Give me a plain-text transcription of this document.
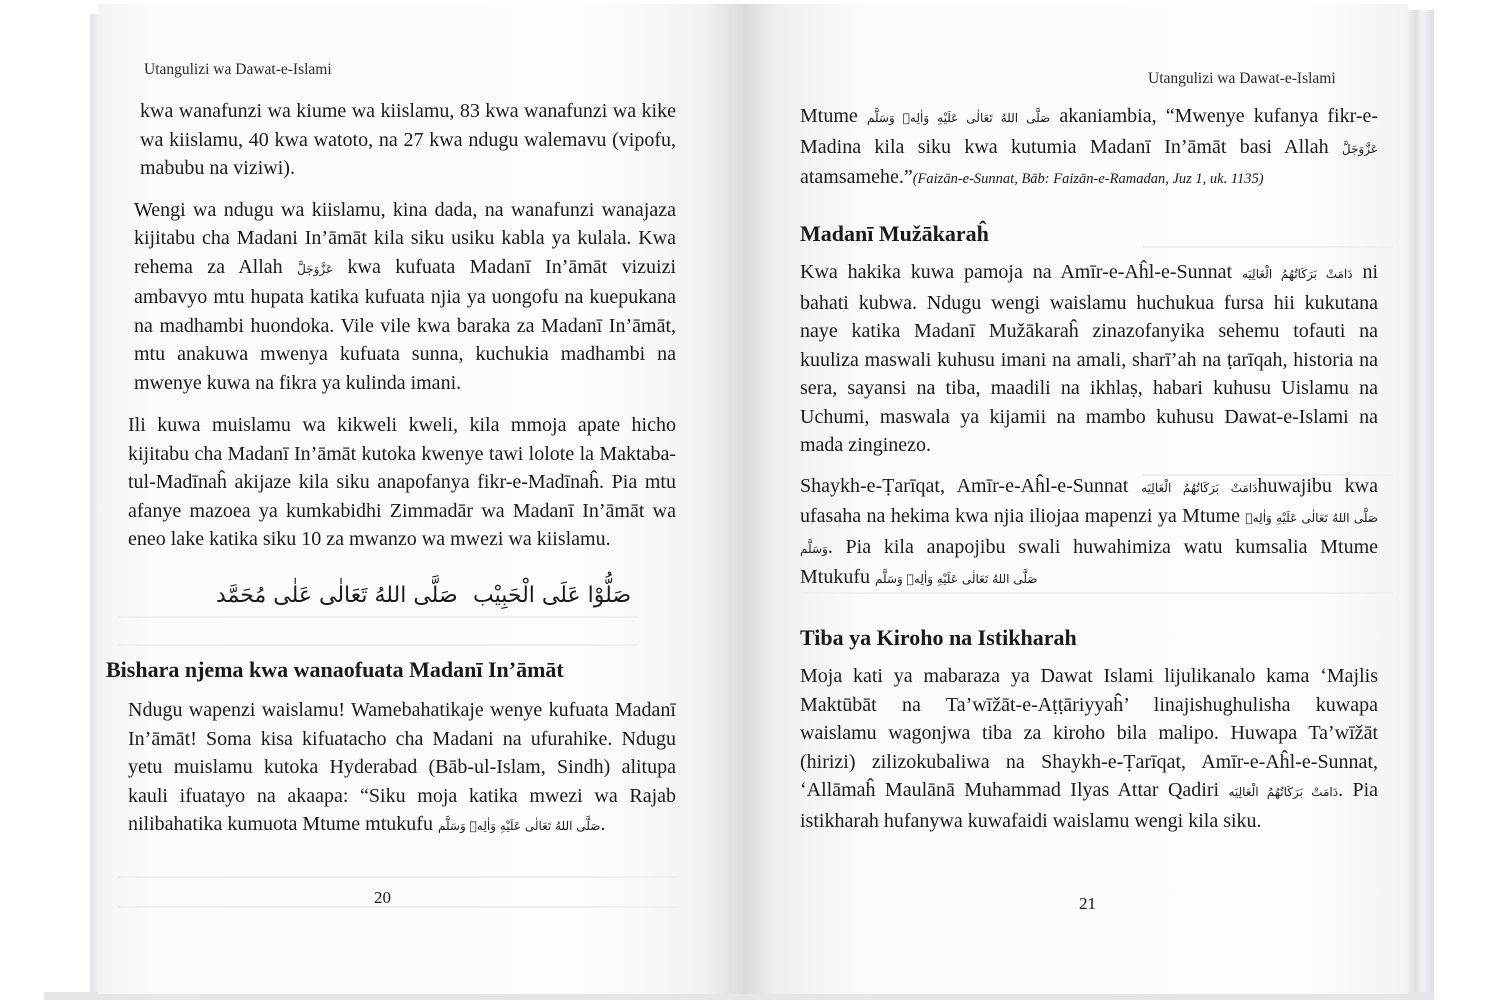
Utangulizi wa Dawat-e-Islami

kwa wanafunzi wa kiume wa kiislamu, 83 kwa wanafunzi wa kike wa kiislamu, 40 kwa watoto, na 27 kwa ndugu walemavu (vipofu, mabubu na viziwi).

Wengi wa ndugu wa kiislamu, kina dada, na wanafunzi wanajaza kijitabu cha Madani In’āmāt kila siku usiku kabla ya kulala. Kwa rehema za Allah عَزَّوَجَلَّ kwa kufuata Madanī In’āmāt vizuizi ambavyo mtu hupata katika kufuata njia ya uongofu na kuepukana na madhambi huondoka. Vile vile kwa baraka za Madanī In’āmāt, mtu anakuwa mwenya kufuata sunna, kuchukia madhambi na mwenye kuwa na fikra ya kulinda imani.

Ili kuwa muislamu wa kikweli kweli, kila mmoja apate hicho kijitabu cha Madanī In’āmāt kutoka kwenye tawi lolote la Maktaba-tul-Madīnaĥ akijaze kila siku anapofanya fikr-e-Madīnaĥ. Pia mtu afanye mazoea ya kumkabidhi Zimmadār wa Madanī In’āmāt wa eneo lake katika siku 10 za mwanzo wa mwezi wa kiislamu.

صَلُّوْا عَلَى الْحَبِيْب
صَلَّى اللهُ تَعَالٰى عَلٰى مُحَمَّد
Bishara njema kwa wanaofuata Madanī In’āmāt

Ndugu wapenzi waislamu! Wamebahatikaje wenye kufuata Madanī In’āmāt! Soma kisa kifuatacho cha Madani na ufurahike. Ndugu yetu muislamu kutoka Hyderabad (Bāb-ul-Islam, Sindh) alitupa kauli ifuatayo na akaapa: “Siku moja katika mwezi wa Rajab nilibahatika kumuota Mtume mtukufu صَلَّى اللهُ تَعَالٰى عَلَيْهِ وَاٰلِهٖ وَسَلَّم.

20
Utangulizi wa Dawat-e-Islami

Mtume صَلَّى اللهُ تَعَالٰى عَلَيْهِ وَاٰلِهٖ وَسَلَّم akaniambia, “Mwenye kufanya fikr-e-Madina kila siku kwa kutumia Madanī In’āmāt basi Allah عَزَّوَجَلَّ atamsamehe.”(Faizān-e-Sunnat, Bāb: Faizān-e-Ramadan, Juz 1, uk. 1135)

Madanī Mužākaraĥ

Kwa hakika kuwa pamoja na Amīr-e-Aĥl-e-Sunnat دَامَتْ بَرَكَاتُهُمُ الْعَالِيَه ni bahati kubwa. Ndugu wengi waislamu huchukua fursa hii kukutana naye katika Madanī Mužākaraĥ zinazofanyika sehemu tofauti na kuuliza maswali kuhusu imani na amali, sharī’ah na ṭarīqah, historia na sera, sayansi na tiba, maadili na ikhlaṣ, habari kuhusu Uislamu na Uchumi, maswala ya kijamii na mambo kuhusu Dawat-e-Islami na mada zinginezo.

Shaykh-e-Ṭarīqat, Amīr-e-Aĥl-e-Sunnat دَامَتْ بَرَكَاتُهُمُ الْعَالِيَهhuwajibu kwa ufasaha na hekima kwa njia iliojaa mapenzi ya Mtume صَلَّى اللهُ تَعَالٰى عَلَيْهِ وَاٰلِهٖ وَسَلَّم. Pia kila anapojibu swali huwahimiza watu kumsalia Mtume Mtukufu صَلَّى اللهُ تَعَالٰى عَلَيْهِ وَاٰلِهٖ وَسَلَّم

Tiba ya Kiroho na Istikharah

Moja kati ya mabaraza ya Dawat Islami lijulikanalo kama ‘Majlis Maktūbāt na Ta’wīžāt-e-Aṭṭāriyyaĥ’ linajishughulisha kuwapa waislamu wagonjwa tiba za kiroho bila malipo. Huwapa Ta’wīžāt (hirizi) zilizokubaliwa na Shaykh-e-Ṭarīqat, Amīr-e-Aĥl-e-Sunnat, ‘Allāmaĥ Maulānā Muhammad Ilyas Attar Qadiri دَامَتْ بَرَكَاتُهُمُ الْعَالِيَه. Pia istikharah hufanywa kuwafaidi waislamu wengi kila siku.

21
